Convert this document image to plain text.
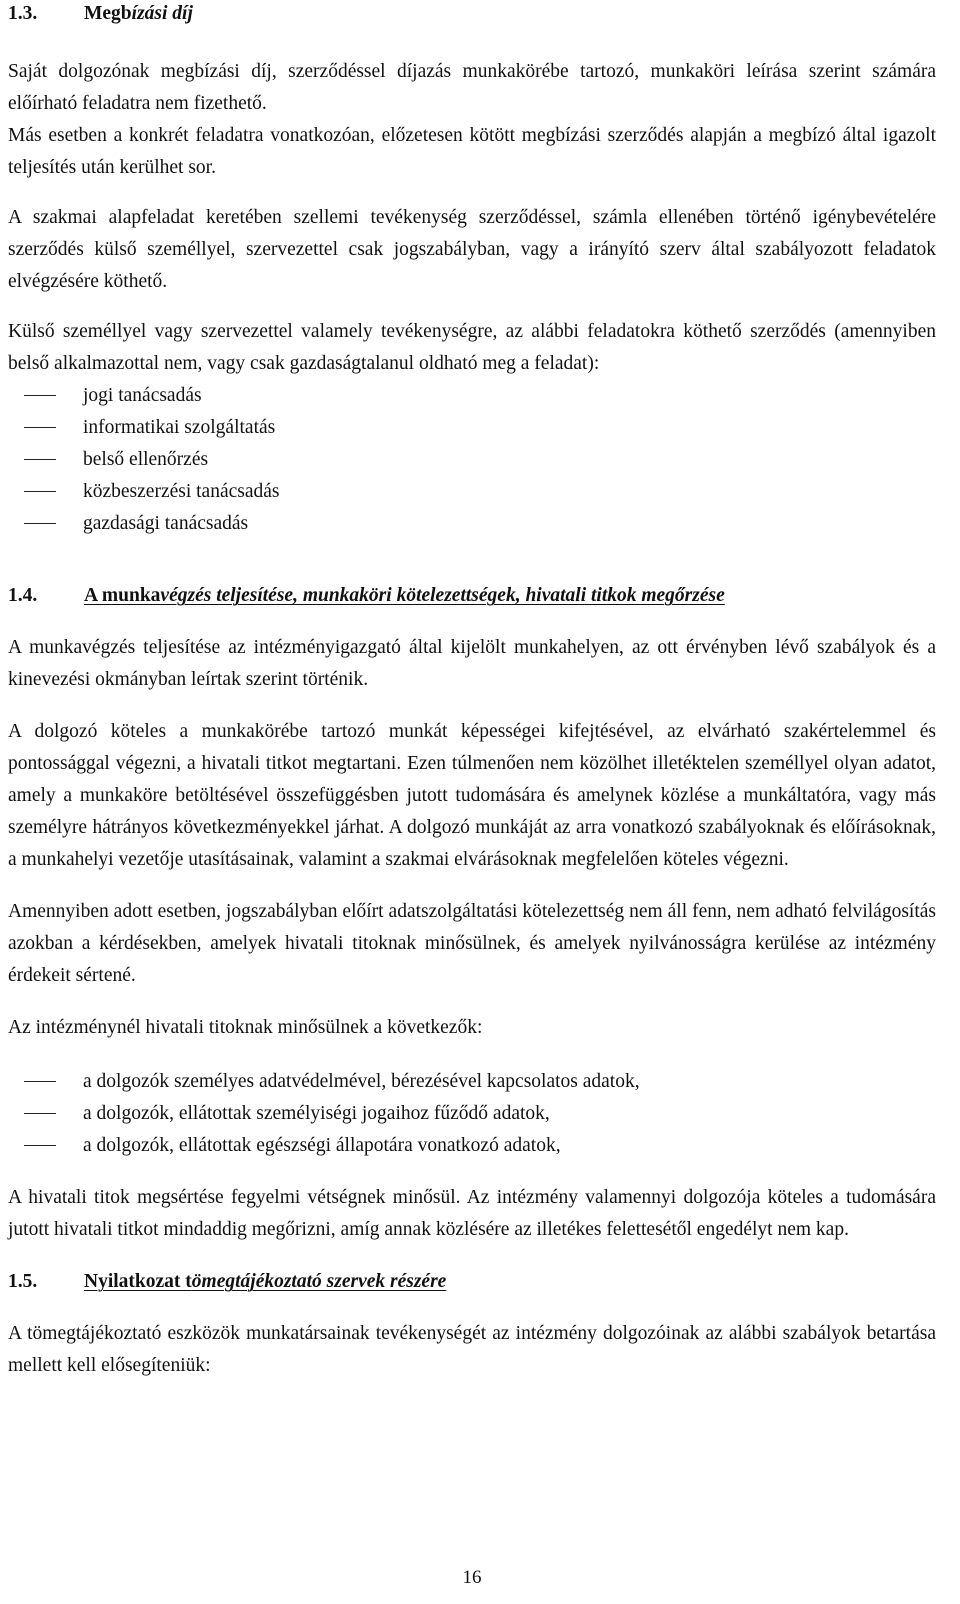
1.3.	Megbízási díj

Saját dolgozónak megbízási díj, szerződéssel díjazás munkakörébe tartozó, munkaköri leírása szerint számára előírható feladatra nem fizethető.

Más esetben a konkrét feladatra vonatkozóan, előzetesen kötött megbízási szerződés alapján a megbízó által igazolt teljesítés után kerülhet sor.

A szakmai alapfeladat keretében szellemi tevékenység szerződéssel, számla ellenében történő igénybevételére szerződés külső személlyel, szervezettel csak jogszabályban, vagy a irányító szerv által szabályozott feladatok elvégzésére köthető.

Külső személlyel vagy szervezettel valamely tevékenységre, az alábbi feladatokra köthető szerződés (amennyiben belső alkalmazottal nem, vagy csak gazdaságtalanul oldható meg a feladat):

jogi tanácsadás
informatikai szolgáltatás
belső ellenőrzés
közbeszerzési tanácsadás
gazdasági tanácsadás
1.4.	A munkavégzés teljesítése, munkaköri kötelezettségek, hivatali titkok megőrzése

A munkavégzés teljesítése az intézményigazgató által kijelölt munkahelyen, az ott érvényben lévő szabályok és a kinevezési okmányban leírtak szerint történik.

A dolgozó köteles a munkakörébe tartozó munkát képességei kifejtésével, az elvárható szakértelemmel és pontossággal végezni, a hivatali titkot megtartani. Ezen túlmenően nem közölhet illetéktelen személlyel olyan adatot, amely a munkaköre betöltésével összefüggésben jutott tudomására és amelynek közlése a munkáltatóra, vagy más személyre hátrányos következményekkel járhat. A dolgozó munkáját az arra vonatkozó szabályoknak és előírásoknak, a munkahelyi vezetője utasításainak, valamint a szakmai elvárásoknak megfelelően köteles végezni.

Amennyiben adott esetben, jogszabályban előírt adatszolgáltatási kötelezettség nem áll fenn, nem adható felvilágosítás azokban a kérdésekben, amelyek hivatali titoknak minősülnek, és amelyek nyilvánosságra kerülése az intézmény érdekeit sértené.

Az intézménynél hivatali titoknak minősülnek a következők:

a dolgozók személyes adatvédelmével, bérezésével kapcsolatos adatok,
a dolgozók, ellátottak személyiségi jogaihoz fűződő adatok,
a dolgozók, ellátottak egészségi állapotára vonatkozó adatok,

A hivatali titok megsértése fegyelmi vétségnek minősül. Az intézmény valamennyi dolgozója köteles a tudomására jutott hivatali titkot mindaddig megőrizni, amíg annak közlésére az illetékes felettesétől engedélyt nem kap.

1.5.	Nyilatkozat tömegtájékoztató szervek részére

A tömegtájékoztató eszközök munkatársainak tevékenységét az intézmény dolgozóinak az alábbi szabályok betartása mellett kell elősegíteniük:

16
